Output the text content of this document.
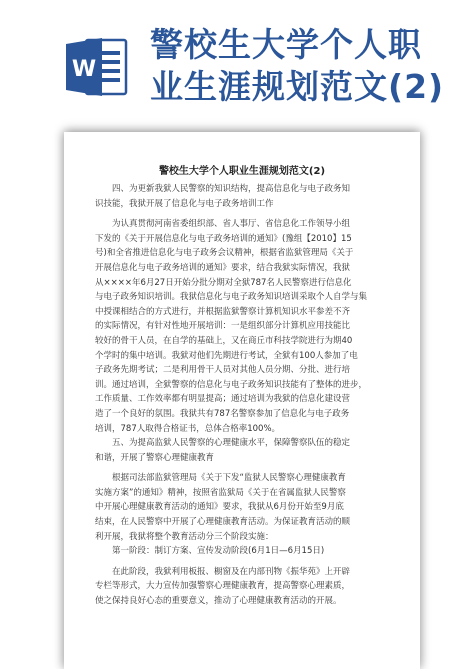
W
警校生大学个人职
业生涯规划范文(2)
警校生大学个人职业生涯规划范文(2)
　　四、为更新我狱人民警察的知识结构，提高信息化与电子政务知
识技能，我狱开展了信息化与电子政务培训工作
　　为认真贯彻河南省委组织部、省人事厅、省信息化工作领导小组
下发的《关于开展信息化与电子政务培训的通知》(豫组【2010】15
号)和全省推进信息化与电子政务会议精神，根据省监狱管理局《关于
开展信息化与电子政务培训的通知》要求，结合我狱实际情况，我狱
从××××年6月27日开始分批分期对全狱787名人民警察进行信息化
与电子政务知识培训。我狱信息化与电子政务知识培训采取个人自学与集
中授课相结合的方式进行，并根据监狱警察计算机知识水平参差不齐
的实际情况，有针对性地开展培训：一是组织部分计算机应用技能比
较好的骨干人员，在自学的基础上，又在商丘市科技学院进行为期40
个学时的集中培训。我狱对他们先期进行考试，全狱有100人参加了电
子政务先期考试；二是利用骨干人员对其他人员分期、分批、进行培
训。通过培训，全狱警察的信息化与电子政务知识技能有了整体的进步，
工作质量、工作效率都有明显提高；通过培训为我狱的信息化建设营
造了一个良好的氛围。我狱共有787名警察参加了信息化与电子政务
培训，787人取得合格证书，总体合格率100%。
　　五、为提高监狱人民警察的心理健康水平，保障警察队伍的稳定
和谐，开展了警察心理健康教育
　　根据司法部监狱管理局《关于下发“监狱人民警察心理健康教育
实施方案”的通知》精神，按照省监狱局《关于在省属监狱人民警察
中开展心理健康教育活动的通知》要求，我狱从6月份开始至9月底
结束，在人民警察中开展了心理健康教育活动。为保证教育活动的顺
利开展，我狱将整个教育活动分三个阶段实施：
　　第一阶段：制订方案、宣传发动阶段(6月1日—6月15日)
　　在此阶段，我狱利用板报、橱窗及在内部刊物《振华苑》上开辟
专栏等形式，大力宣传加强警察心理健康教育，提高警察心理素质，
使之保持良好心态的重要意义，推动了心理健康教育活动的开展。
